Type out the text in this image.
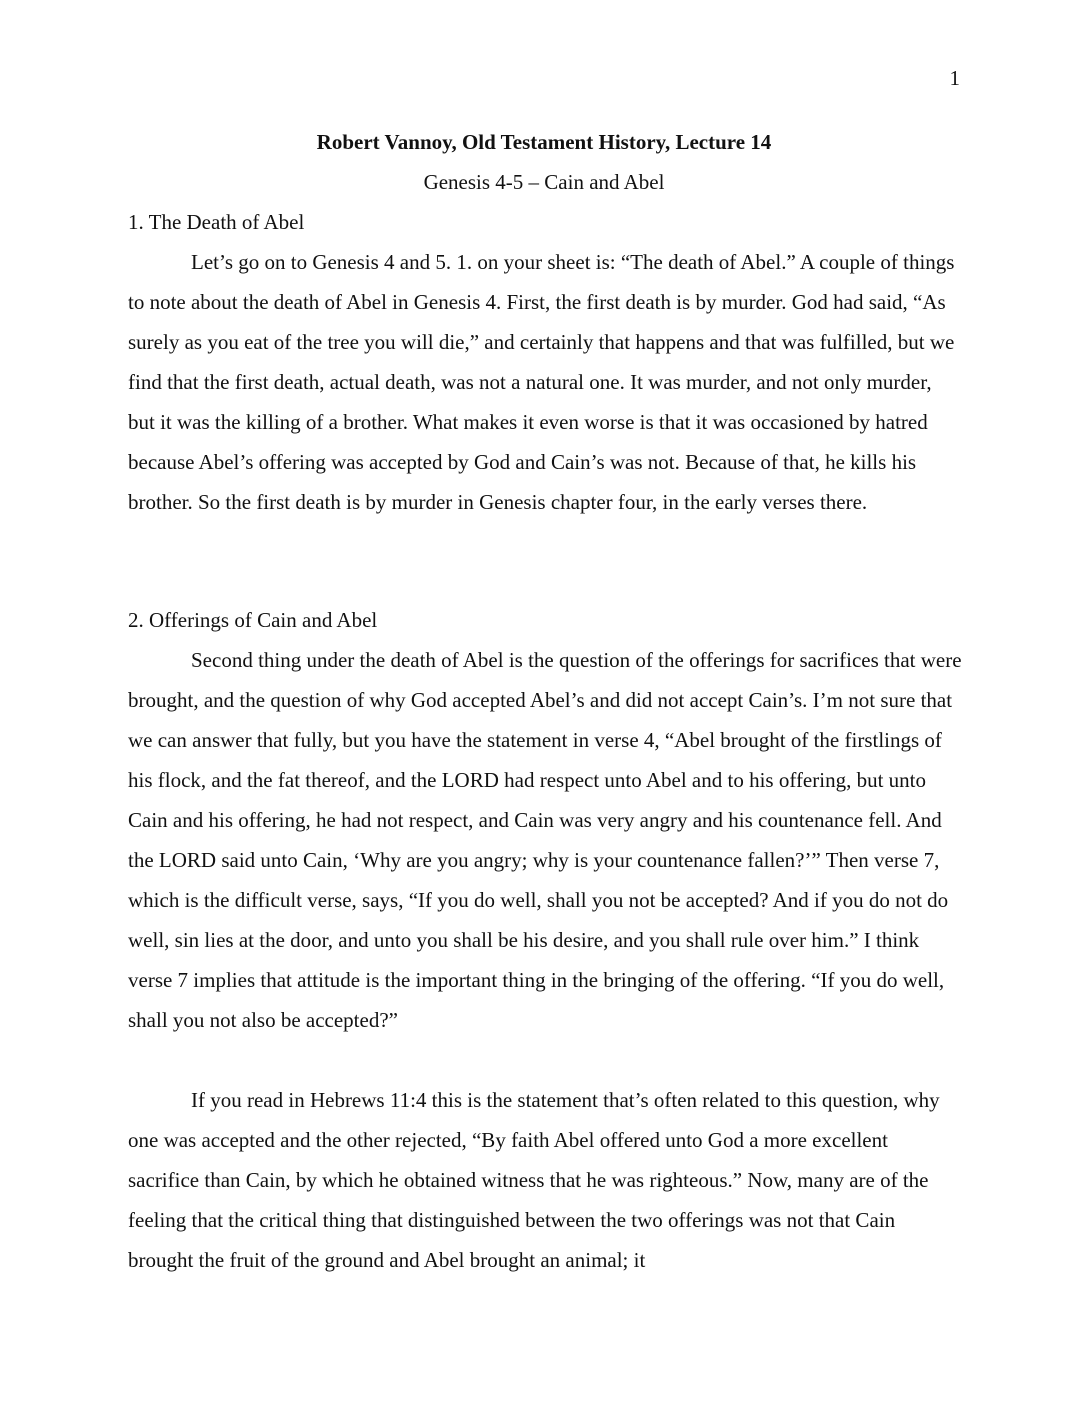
1
Robert Vannoy, Old Testament History, Lecture 14
Genesis 4-5 – Cain and Abel

1. The Death of Abel

Let’s go on to Genesis 4 and 5. 1. on your sheet is: “The death of Abel.” A couple of things to note about the death of Abel in Genesis 4. First, the first death is by murder. God had said, “As surely as you eat of the tree you will die,” and certainly that happens and that was fulfilled, but we find that the first death, actual death, was not a natural one. It was murder, and not only murder, but it was the killing of a brother. What makes it even worse is that it was occasioned by hatred because Abel’s offering was accepted by God and Cain’s was not. Because of that, he kills his brother. So the first death is by murder in Genesis chapter four, in the early verses there.

2. Offerings of Cain and Abel

Second thing under the death of Abel is the question of the offerings for sacrifices that were brought, and the question of why God accepted Abel’s and did not accept Cain’s. I’m not sure that we can answer that fully, but you have the statement in verse 4, “Abel brought of the firstlings of his flock, and the fat thereof, and the LORD had respect unto Abel and to his offering, but unto Cain and his offering, he had not respect, and Cain was very angry and his countenance fell. And the LORD said unto Cain, ‘Why are you angry; why is your countenance fallen?’” Then verse 7, which is the difficult verse, says, “If you do well, shall you not be accepted? And if you do not do well, sin lies at the door, and unto you shall be his desire, and you shall rule over him.” I think verse 7 implies that attitude is the important thing in the bringing of the offering. “If you do well, shall you not also be accepted?”

If you read in Hebrews 11:4 this is the statement that’s often related to this question, why one was accepted and the other rejected, “By faith Abel offered unto God a more excellent sacrifice than Cain, by which he obtained witness that he was righteous.” Now, many are of the feeling that the critical thing that distinguished between the two offerings was not that Cain brought the fruit of the ground and Abel brought an animal; it
